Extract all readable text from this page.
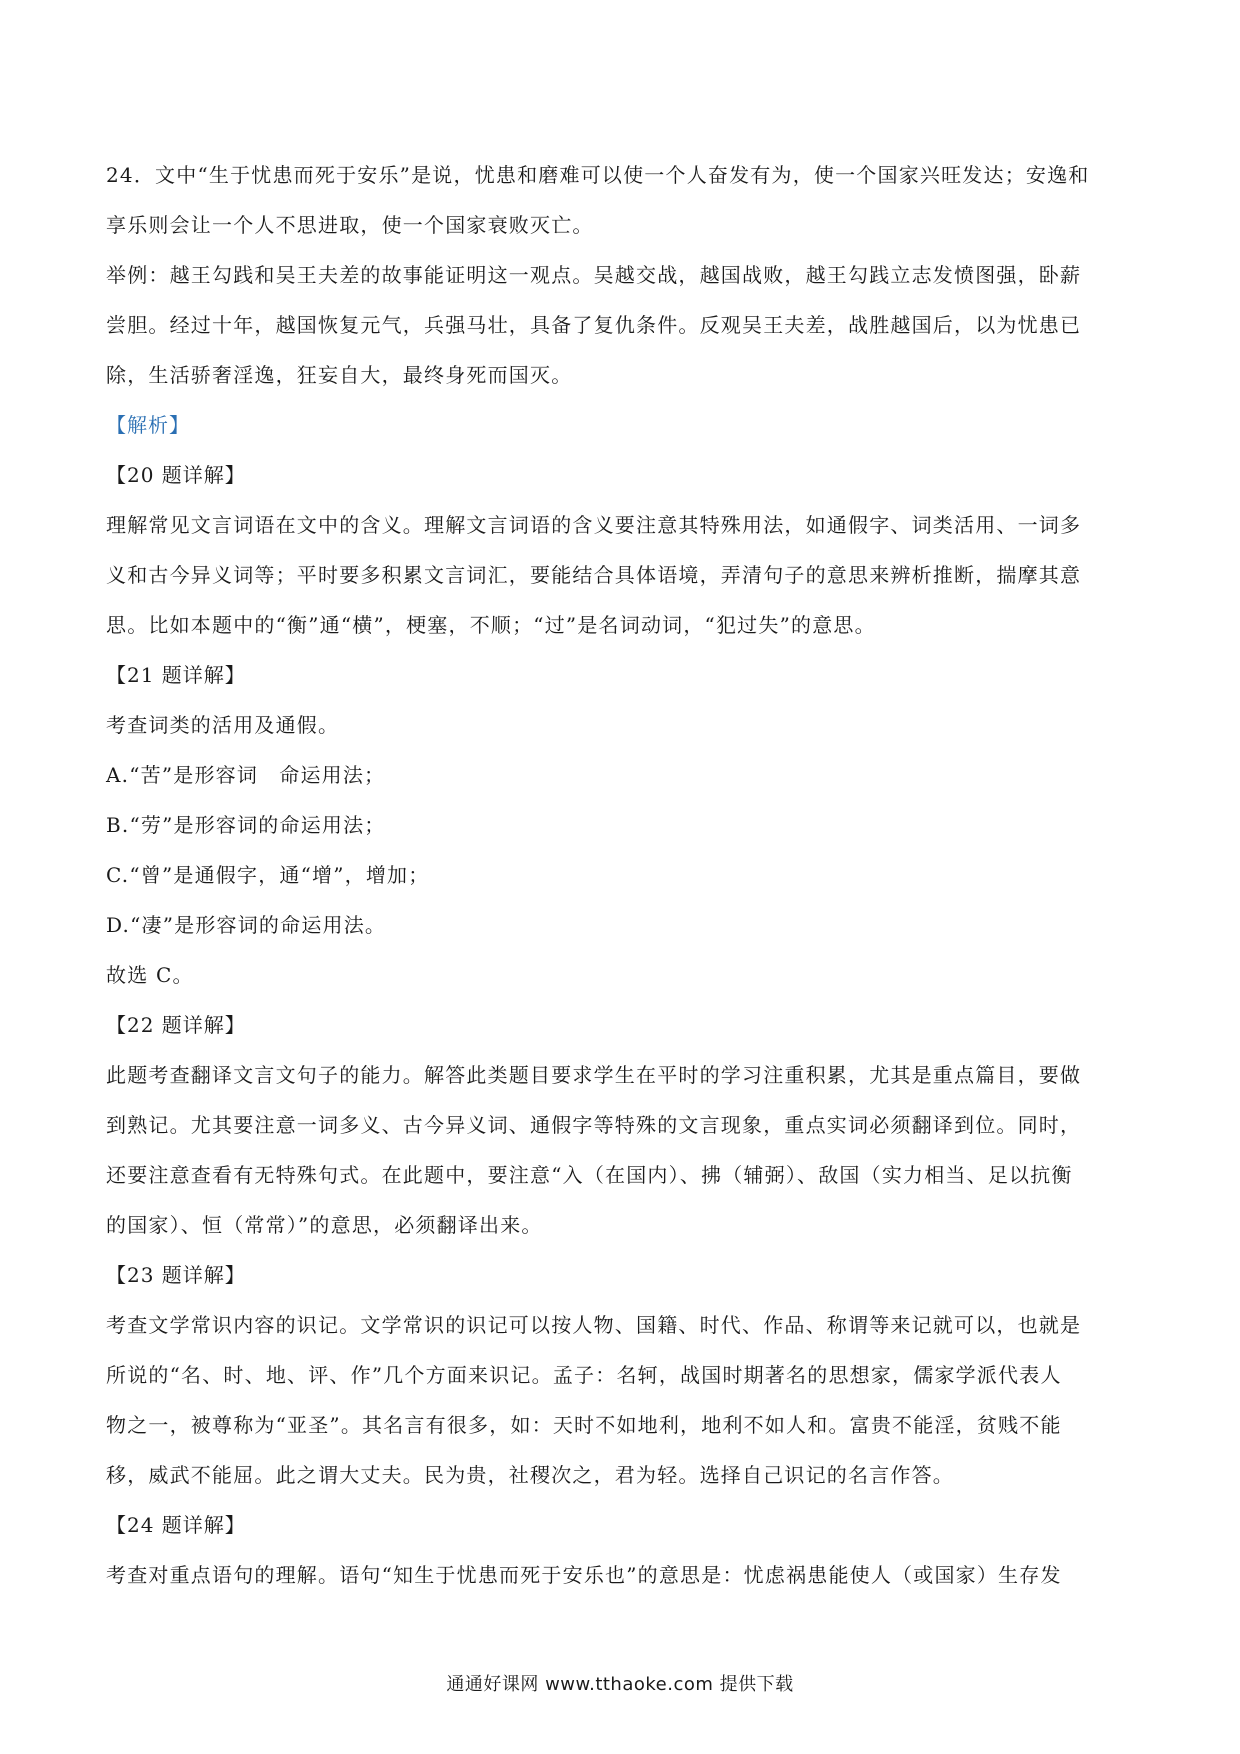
24．文中“生于忧患而死于安乐”是说，忧患和磨难可以使一个人奋发有为，使一个国家兴旺发达；安逸和
享乐则会让一个人不思进取，使一个国家衰败灭亡。
举例：越王勾践和吴王夫差的故事能证明这一观点。吴越交战，越国战败，越王勾践立志发愤图强，卧薪
尝胆。经过十年，越国恢复元气，兵强马壮，具备了复仇条件。反观吴王夫差，战胜越国后，以为忧患已
除，生活骄奢淫逸，狂妄自大，最终身死而国灭。
【解析】
【20 题详解】
理解常见文言词语在文中的含义。理解文言词语的含义要注意其特殊用法，如通假字、词类活用、一词多
义和古今异义词等；平时要多积累文言词汇，要能结合具体语境，弄清句子的意思来辨析推断，揣摩其意
思。比如本题中的“衡”通“横”，梗塞，不顺；“过”是名词动词，“犯过失”的意思。
【21 题详解】
考查词类的活用及通假。
A.“苦”是形容词　命运用法；
B.“劳”是形容词的命运用法；
C.“曾”是通假字，通“增”，增加；
D.“凄”是形容词的命运用法。
故选 C。
【22 题详解】
此题考查翻译文言文句子的能力。解答此类题目要求学生在平时的学习注重积累，尤其是重点篇目，要做
到熟记。尤其要注意一词多义、古今异义词、通假字等特殊的文言现象，重点实词必须翻译到位。同时，
还要注意查看有无特殊句式。在此题中，要注意“入（在国内）、拂（辅弼）、敌国（实力相当、足以抗衡
的国家）、恒（常常）”的意思，必须翻译出来。
【23 题详解】
考查文学常识内容的识记。文学常识的识记可以按人物、国籍、时代、作品、称谓等来记就可以，也就是
所说的“名、时、地、评、作”几个方面来识记。孟子：名轲，战国时期著名的思想家，儒家学派代表人
物之一，被尊称为“亚圣”。其名言有很多，如：天时不如地利，地利不如人和。富贵不能淫，贫贱不能
移，威武不能屈。此之谓大丈夫。民为贵，社稷次之，君为轻。选择自己识记的名言作答。
【24 题详解】
考查对重点语句的理解。语句“知生于忧患而死于安乐也”的意思是：忧虑祸患能使人（或国家）生存发
通通好课网 www.tthaoke.com 提供下载
